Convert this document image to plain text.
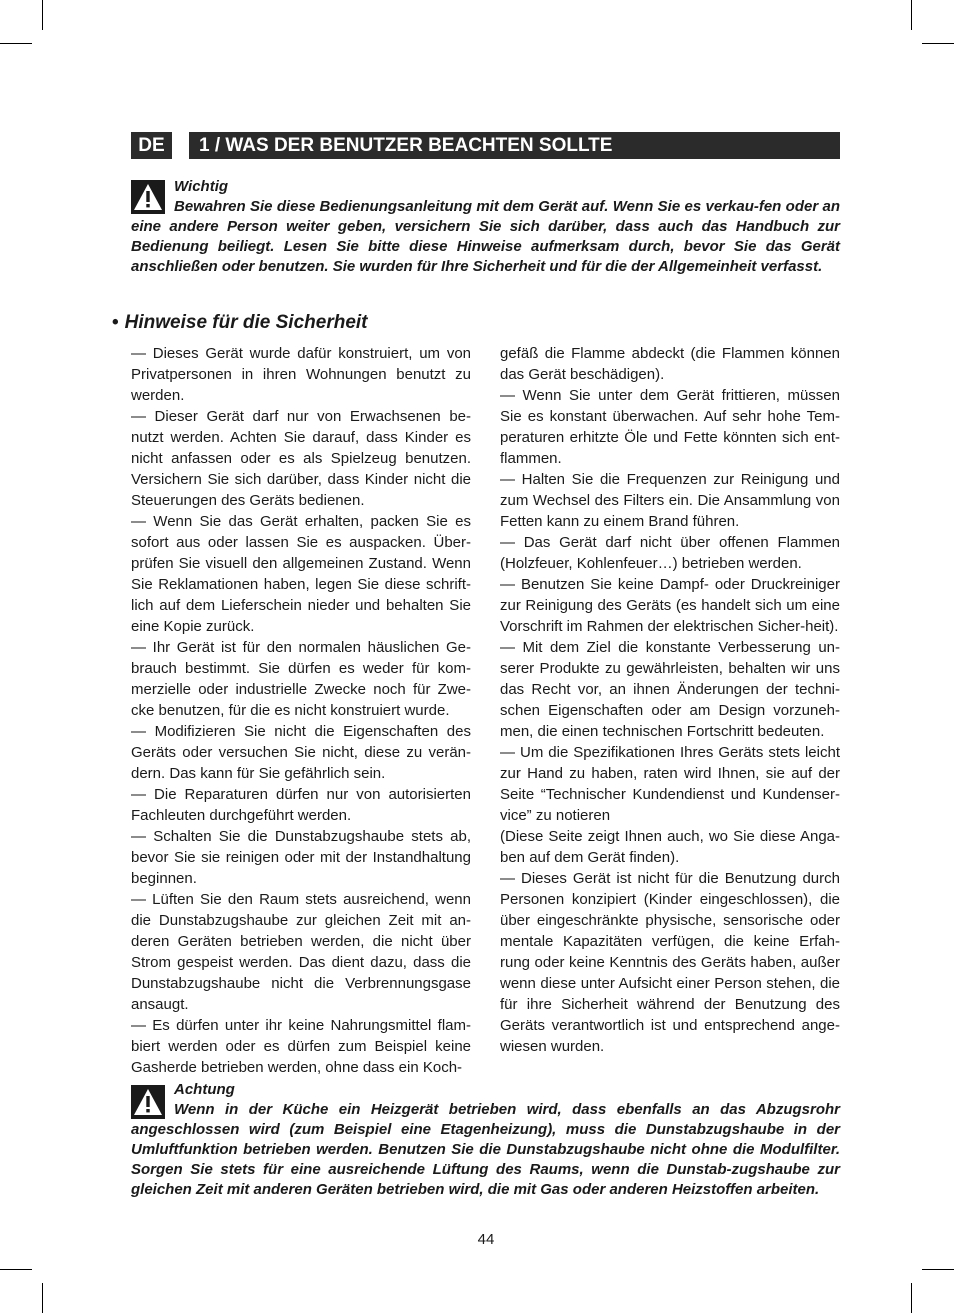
DE	1 / WAS DER BENUTZER BEACHTEN SOLLTE
Wichtig
Bewahren Sie diese Bedienungsanleitung mit dem Gerät auf. Wenn Sie es verkau-fen oder an eine andere Person weiter geben, versichern Sie sich darüber, dass auch das Handbuch zur Bedienung beiliegt. Lesen Sie bitte diese Hinweise aufmerksam durch, bevor Sie das Gerät anschließen oder benutzen. Sie wurden für Ihre Sicherheit und für die der Allgemeinheit verfasst.
• Hinweise für die Sicherheit

— Dieses Gerät wurde dafür konstruiert, um von Privatpersonen in ihren Wohnungen benutzt zu werden.

— Dieser Gerät darf nur von Erwachsenen be-nutzt werden. Achten Sie darauf, dass Kinder es nicht anfassen oder es als Spielzeug benutzen. Versichern Sie sich darüber, dass Kinder nicht die Steuerungen des Geräts bedienen.

— Wenn Sie das Gerät erhalten, packen Sie es sofort aus oder lassen Sie es auspacken. Über-prüfen Sie visuell den allgemeinen Zustand. Wenn Sie Reklamationen haben, legen Sie diese schrift-lich auf dem Lieferschein nieder und behalten Sie eine Kopie zurück.

— Ihr Gerät ist für den normalen häuslichen Ge-brauch bestimmt. Sie dürfen es weder für kom-merzielle oder industrielle Zwecke noch für Zwe-cke benutzen, für die es nicht konstruiert wurde.

— Modifizieren Sie nicht die Eigenschaften des Geräts oder versuchen Sie nicht, diese zu verän-dern. Das kann für Sie gefährlich sein.

— Die Reparaturen dürfen nur von autorisierten Fachleuten durchgeführt werden.

— Schalten Sie die Dunstabzugshaube stets ab, bevor Sie sie reinigen oder mit der Instandhaltung beginnen.

— Lüften Sie den Raum stets ausreichend, wenn die Dunstabzugshaube zur gleichen Zeit mit an-deren Geräten betrieben werden, die nicht über Strom gespeist werden. Das dient dazu, dass die Dunstabzugshaube nicht die Verbrennungsgase ansaugt.

— Es dürfen unter ihr keine Nahrungsmittel flam-biert werden oder es dürfen zum Beispiel keine Gasherde betrieben werden, ohne dass ein Koch-

gefäß die Flamme abdeckt (die Flammen können das Gerät beschädigen).

— Wenn Sie unter dem Gerät frittieren, müssen Sie es konstant überwachen. Auf sehr hohe Tem-peraturen erhitzte Öle und Fette könnten sich ent-flammen.

— Halten Sie die Frequenzen zur Reinigung und zum Wechsel des Filters ein. Die Ansammlung von Fetten kann zu einem Brand führen.

— Das Gerät darf nicht über offenen Flammen (Holzfeuer, Kohlenfeuer…) betrieben werden.

— Benutzen Sie keine Dampf- oder Druckreiniger zur Reinigung des Geräts (es handelt sich um eine Vorschrift im Rahmen der elektrischen Sicher-heit).

— Mit dem Ziel die konstante Verbesserung un-serer Produkte zu gewährleisten, behalten wir uns das Recht vor, an ihnen Änderungen der techni-schen Eigenschaften oder am Design vorzuneh-men, die einen technischen Fortschritt bedeuten.

— Um die Spezifikationen Ihres Geräts stets leicht zur Hand zu haben, raten wird Ihnen, sie auf der Seite “Technischer Kundendienst und Kundenser-vice” zu notieren

(Diese Seite zeigt Ihnen auch, wo Sie diese Anga-ben auf dem Gerät finden).

— Dieses Gerät ist nicht für die Benutzung durch Personen konzipiert (Kinder eingeschlossen), die über eingeschränkte physische, sensorische oder mentale Kapazitäten verfügen, die keine Erfah-rung oder keine Kenntnis des Geräts haben, außer wenn diese unter Aufsicht einer Person stehen, die für ihre Sicherheit während der Benutzung des Geräts verantwortlich ist und entsprechend ange-wiesen wurden.

Achtung
Wenn in der Küche ein Heizgerät betrieben wird, dass ebenfalls an das Abzugsrohr angeschlossen wird (zum Beispiel eine Etagenheizung), muss die Dunstabzugshaube in der Umluftfunktion betrieben werden. Benutzen Sie die Dunstabzugshaube nicht ohne die Modulfilter. Sorgen Sie stets für eine ausreichende Lüftung des Raums, wenn die Dunstab-zugshaube zur gleichen Zeit mit anderen Geräten betrieben wird, die mit Gas oder anderen Heizstoffen arbeiten.
44
